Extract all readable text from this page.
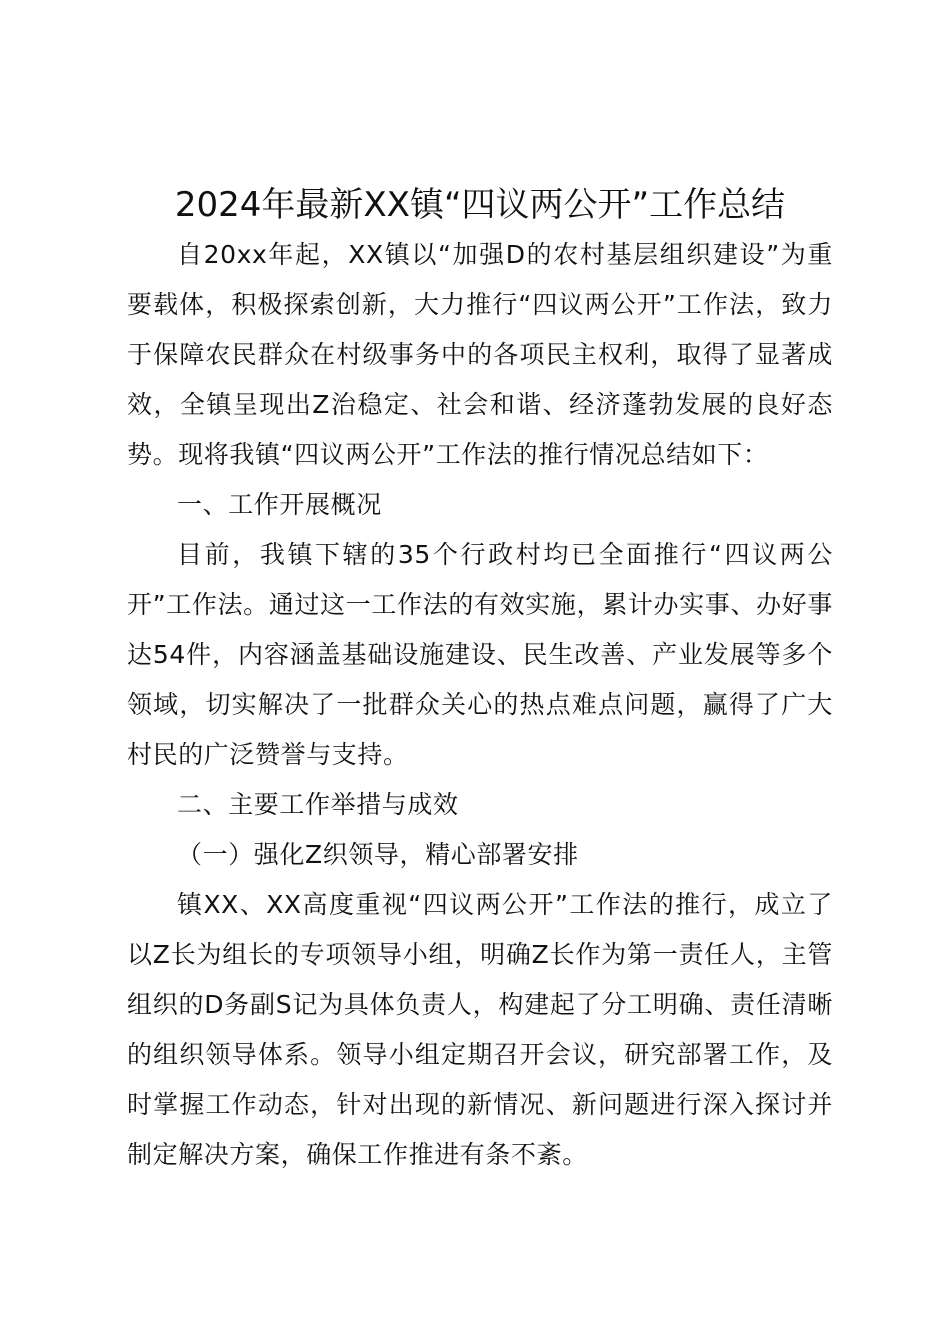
2024年最新XX镇“四议两公开”工作总结

自20xx年起，XX镇以“加强D的农村基层组织建设”为重要载体，积极探索创新，大力推行“四议两公开”工作法，致力于保障农民群众在村级事务中的各项民主权利，取得了显著成效，全镇呈现出Z治稳定、社会和谐、经济蓬勃发展的良好态势。现将我镇“四议两公开”工作法的推行情况总结如下：

一、工作开展概况

目前，我镇下辖的35个行政村均已全面推行“四议两公开”工作法。通过这一工作法的有效实施，累计办实事、办好事达54件，内容涵盖基础设施建设、民生改善、产业发展等多个领域，切实解决了一批群众关心的热点难点问题，赢得了广大村民的广泛赞誉与支持。

二、主要工作举措与成效

（一）强化Z织领导，精心部署安排

镇XX、XX高度重视“四议两公开”工作法的推行，成立了以Z长为组长的专项领导小组，明确Z长作为第一责任人，主管组织的D务副S记为具体负责人，构建起了分工明确、责任清晰的组织领导体系。领导小组定期召开会议，研究部署工作，及时掌握工作动态，针对出现的新情况、新问题进行深入探讨并制定解决方案，确保工作推进有条不紊。
